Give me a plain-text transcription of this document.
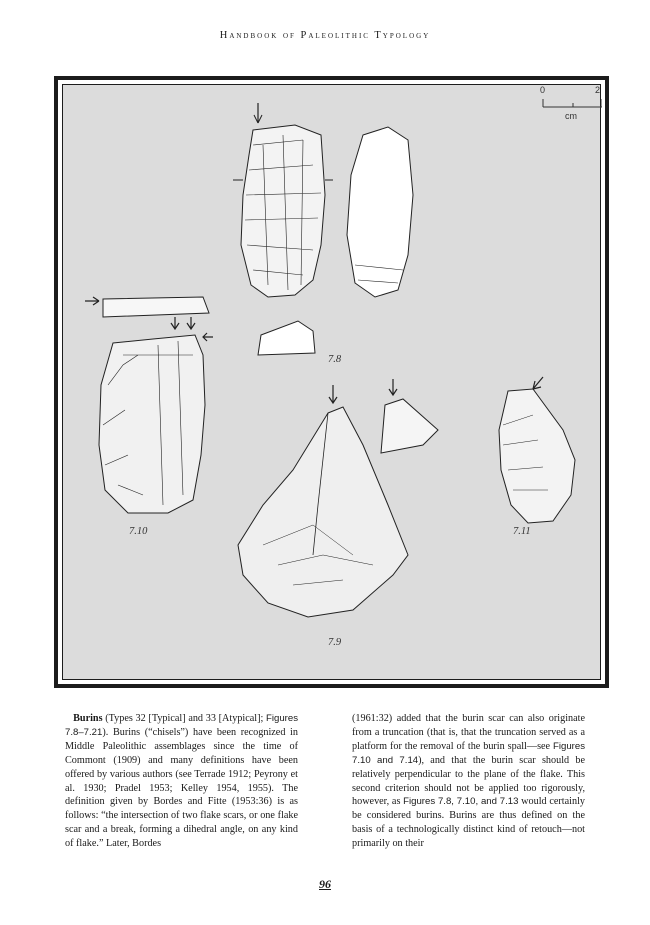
Handbook of Paleolithic Typology
0	2
cm
7.8
7.10	7.11
7.9

Burins (Types 32 [Typical] and 33 [Atypical]; Figures 7.8–7.21). Burins (“chisels”) have been recognized in Middle Paleolithic assemblages since the time of Commont (1909) and many definitions have been offered by various authors (see Terrade 1912; Peyrony et al. 1930; Pradel 1953; Kelley 1954, 1955). The definition given by Bordes and Fitte (1953:36) is as follows: “the intersection of two flake scars, or one flake scar and a break, forming a dihedral angle, on any kind of flake.” Later, Bordes

(1961:32) added that the burin scar can also originate from a truncation (that is, that the truncation served as a platform for the removal of the burin spall—see Figures 7.10 and 7.14), and that the burin scar should be relatively perpendicular to the plane of the flake. This second criterion should not be applied too rigorously, however, as Figures 7.8, 7.10, and 7.13 would certainly be considered burins. Burins are thus defined on the basis of a technologically distinct kind of retouch—not primarily on their

96
